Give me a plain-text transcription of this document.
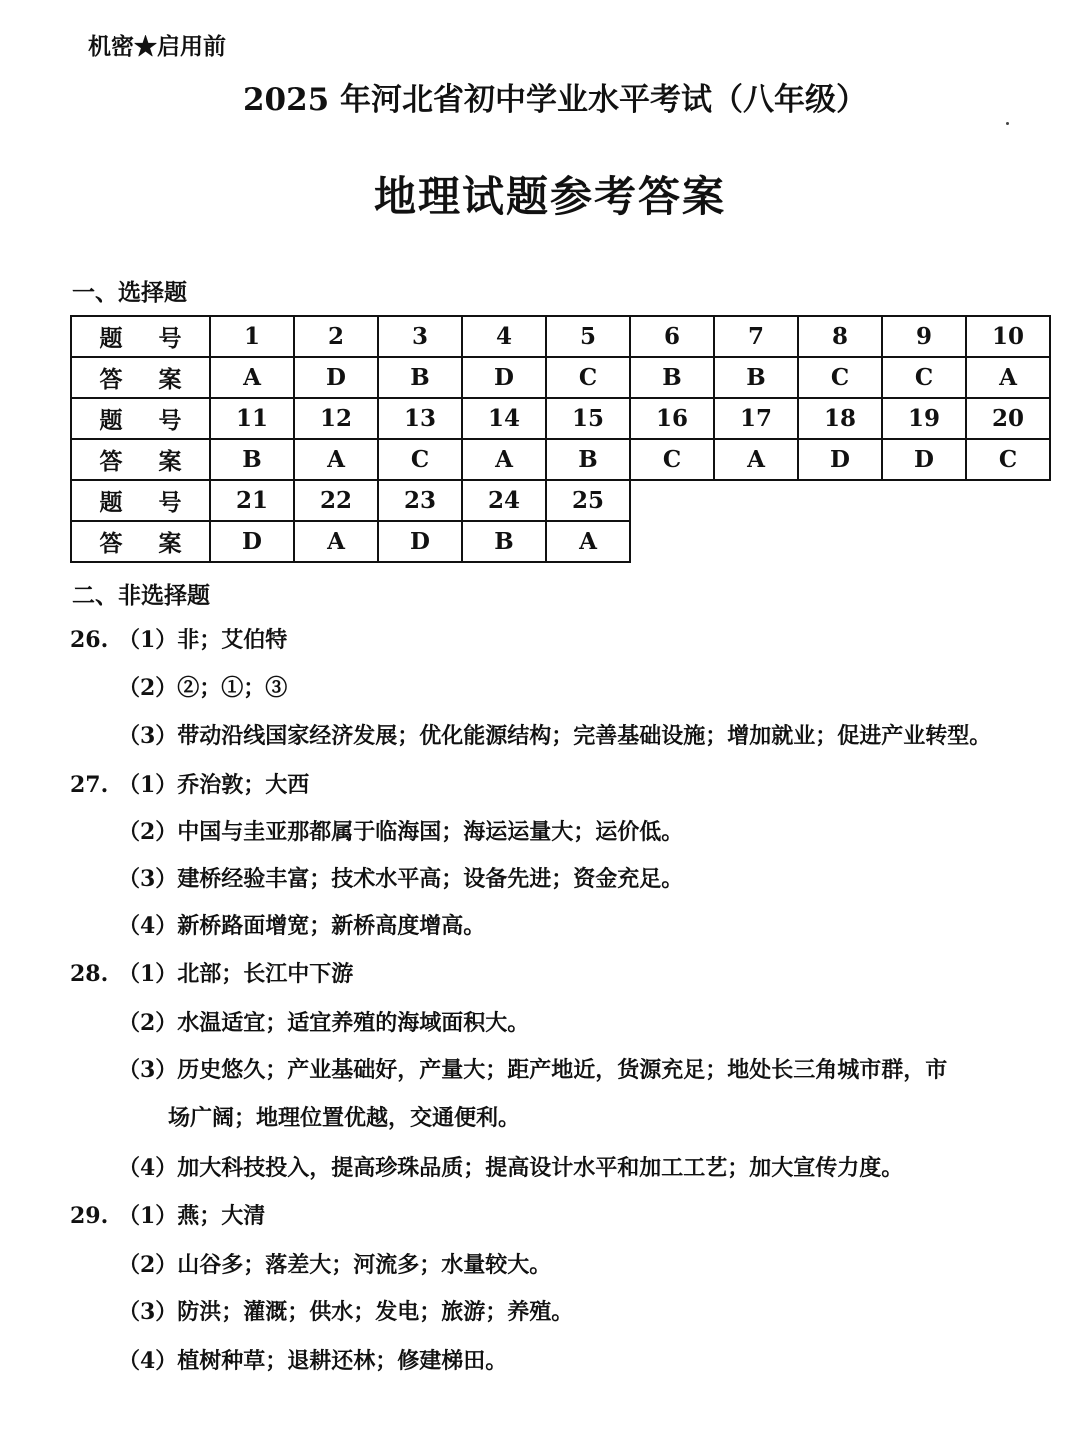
机密★启用前
2025 年河北省初中学业水平考试（八年级）
地理试题参考答案
一、选择题
题 号	1	2	3	4	5	6	7	8	9	10
答 案	A	D	B	D	C	B	B	C	C	A
题 号	11	12	13	14	15	16	17	18	19	20
答 案	B	A	C	A	B	C	A	D	D	C
题 号	21	22	23	24	25					
答 案	D	A	D	B	A					
二、非选择题
26. （1）非；艾伯特
（2）②；①；③
（3）带动沿线国家经济发展；优化能源结构；完善基础设施；增加就业；促进产业转型。
27. （1）乔治敦；大西
（2）中国与圭亚那都属于临海国；海运运量大；运价低。
（3）建桥经验丰富；技术水平高；设备先进；资金充足。
（4）新桥路面增宽；新桥高度增高。
28. （1）北部；长江中下游
（2）水温适宜；适宜养殖的海域面积大。
（3）历史悠久；产业基础好，产量大；距产地近，货源充足；地处长三角城市群，市
场广阔；地理位置优越，交通便利。
（4）加大科技投入，提高珍珠品质；提高设计水平和加工工艺；加大宣传力度。
29. （1）燕；大清
（2）山谷多；落差大；河流多；水量较大。
（3）防洪；灌溉；供水；发电；旅游；养殖。
（4）植树种草；退耕还林；修建梯田。
